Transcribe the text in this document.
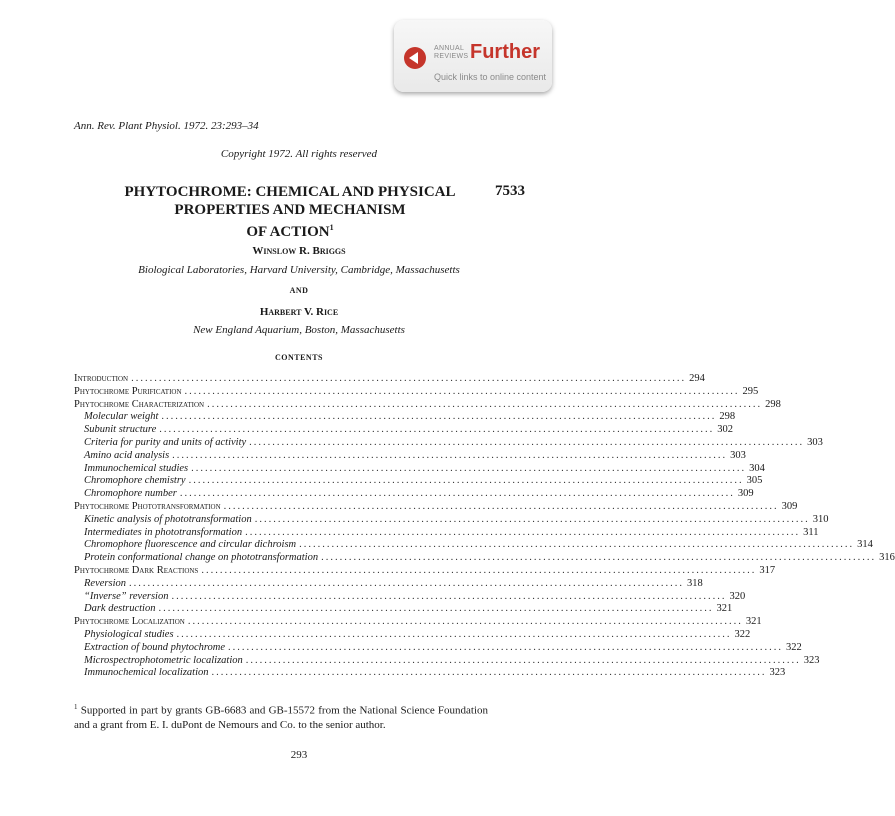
ANNUAL
REVIEWS Further
Quick links to online content
Ann. Rev. Plant Physiol. 1972. 23:293–34
Copyright 1972. All rights reserved
PHYTOCHROME: CHEMICAL AND PHYSICAL
PROPERTIES AND MECHANISM
OF ACTION$^1$
7533
Winslow R. Briggs
Biological Laboratories, Harvard University, Cambridge, Massachusetts
AND
Harbert V. Rice
New England Aquarium, Boston, Massachusetts
CONTENTS
Introduction ........................................................................................................................ 294
Phytochrome Purification ........................................................................................................................ 295
Phytochrome Characterization ........................................................................................................................ 298
Molecular weight ........................................................................................................................ 298
Subunit structure ........................................................................................................................ 302
Criteria for purity and units of activity ........................................................................................................................ 303
Amino acid analysis ........................................................................................................................ 303
Immunochemical studies ........................................................................................................................ 304
Chromophore chemistry ........................................................................................................................ 305
Chromophore number ........................................................................................................................ 309
Phytochrome Phototransformation ........................................................................................................................ 309
Kinetic analysis of phototransformation ........................................................................................................................ 310
Intermediates in phototransformation ........................................................................................................................ 311
Chromophore fluorescence and circular dichroism ........................................................................................................................ 314
Protein conformational change on phototransformation ........................................................................................................................ 316
Phytochrome Dark Reactions ........................................................................................................................ 317
Reversion ........................................................................................................................ 318
“Inverse” reversion ........................................................................................................................ 320
Dark destruction ........................................................................................................................ 321
Phytochrome Localization ........................................................................................................................ 321
Physiological studies ........................................................................................................................ 322
Extraction of bound phytochrome ........................................................................................................................ 322
Microspectrophotometric localization ........................................................................................................................ 323
Immunochemical localization ........................................................................................................................ 323
$^1$ Supported in part by grants GB-6683 and GB-15572 from the National Science Foundation and a grant from E. I. duPont de Nemours and Co. to the senior author.
293
